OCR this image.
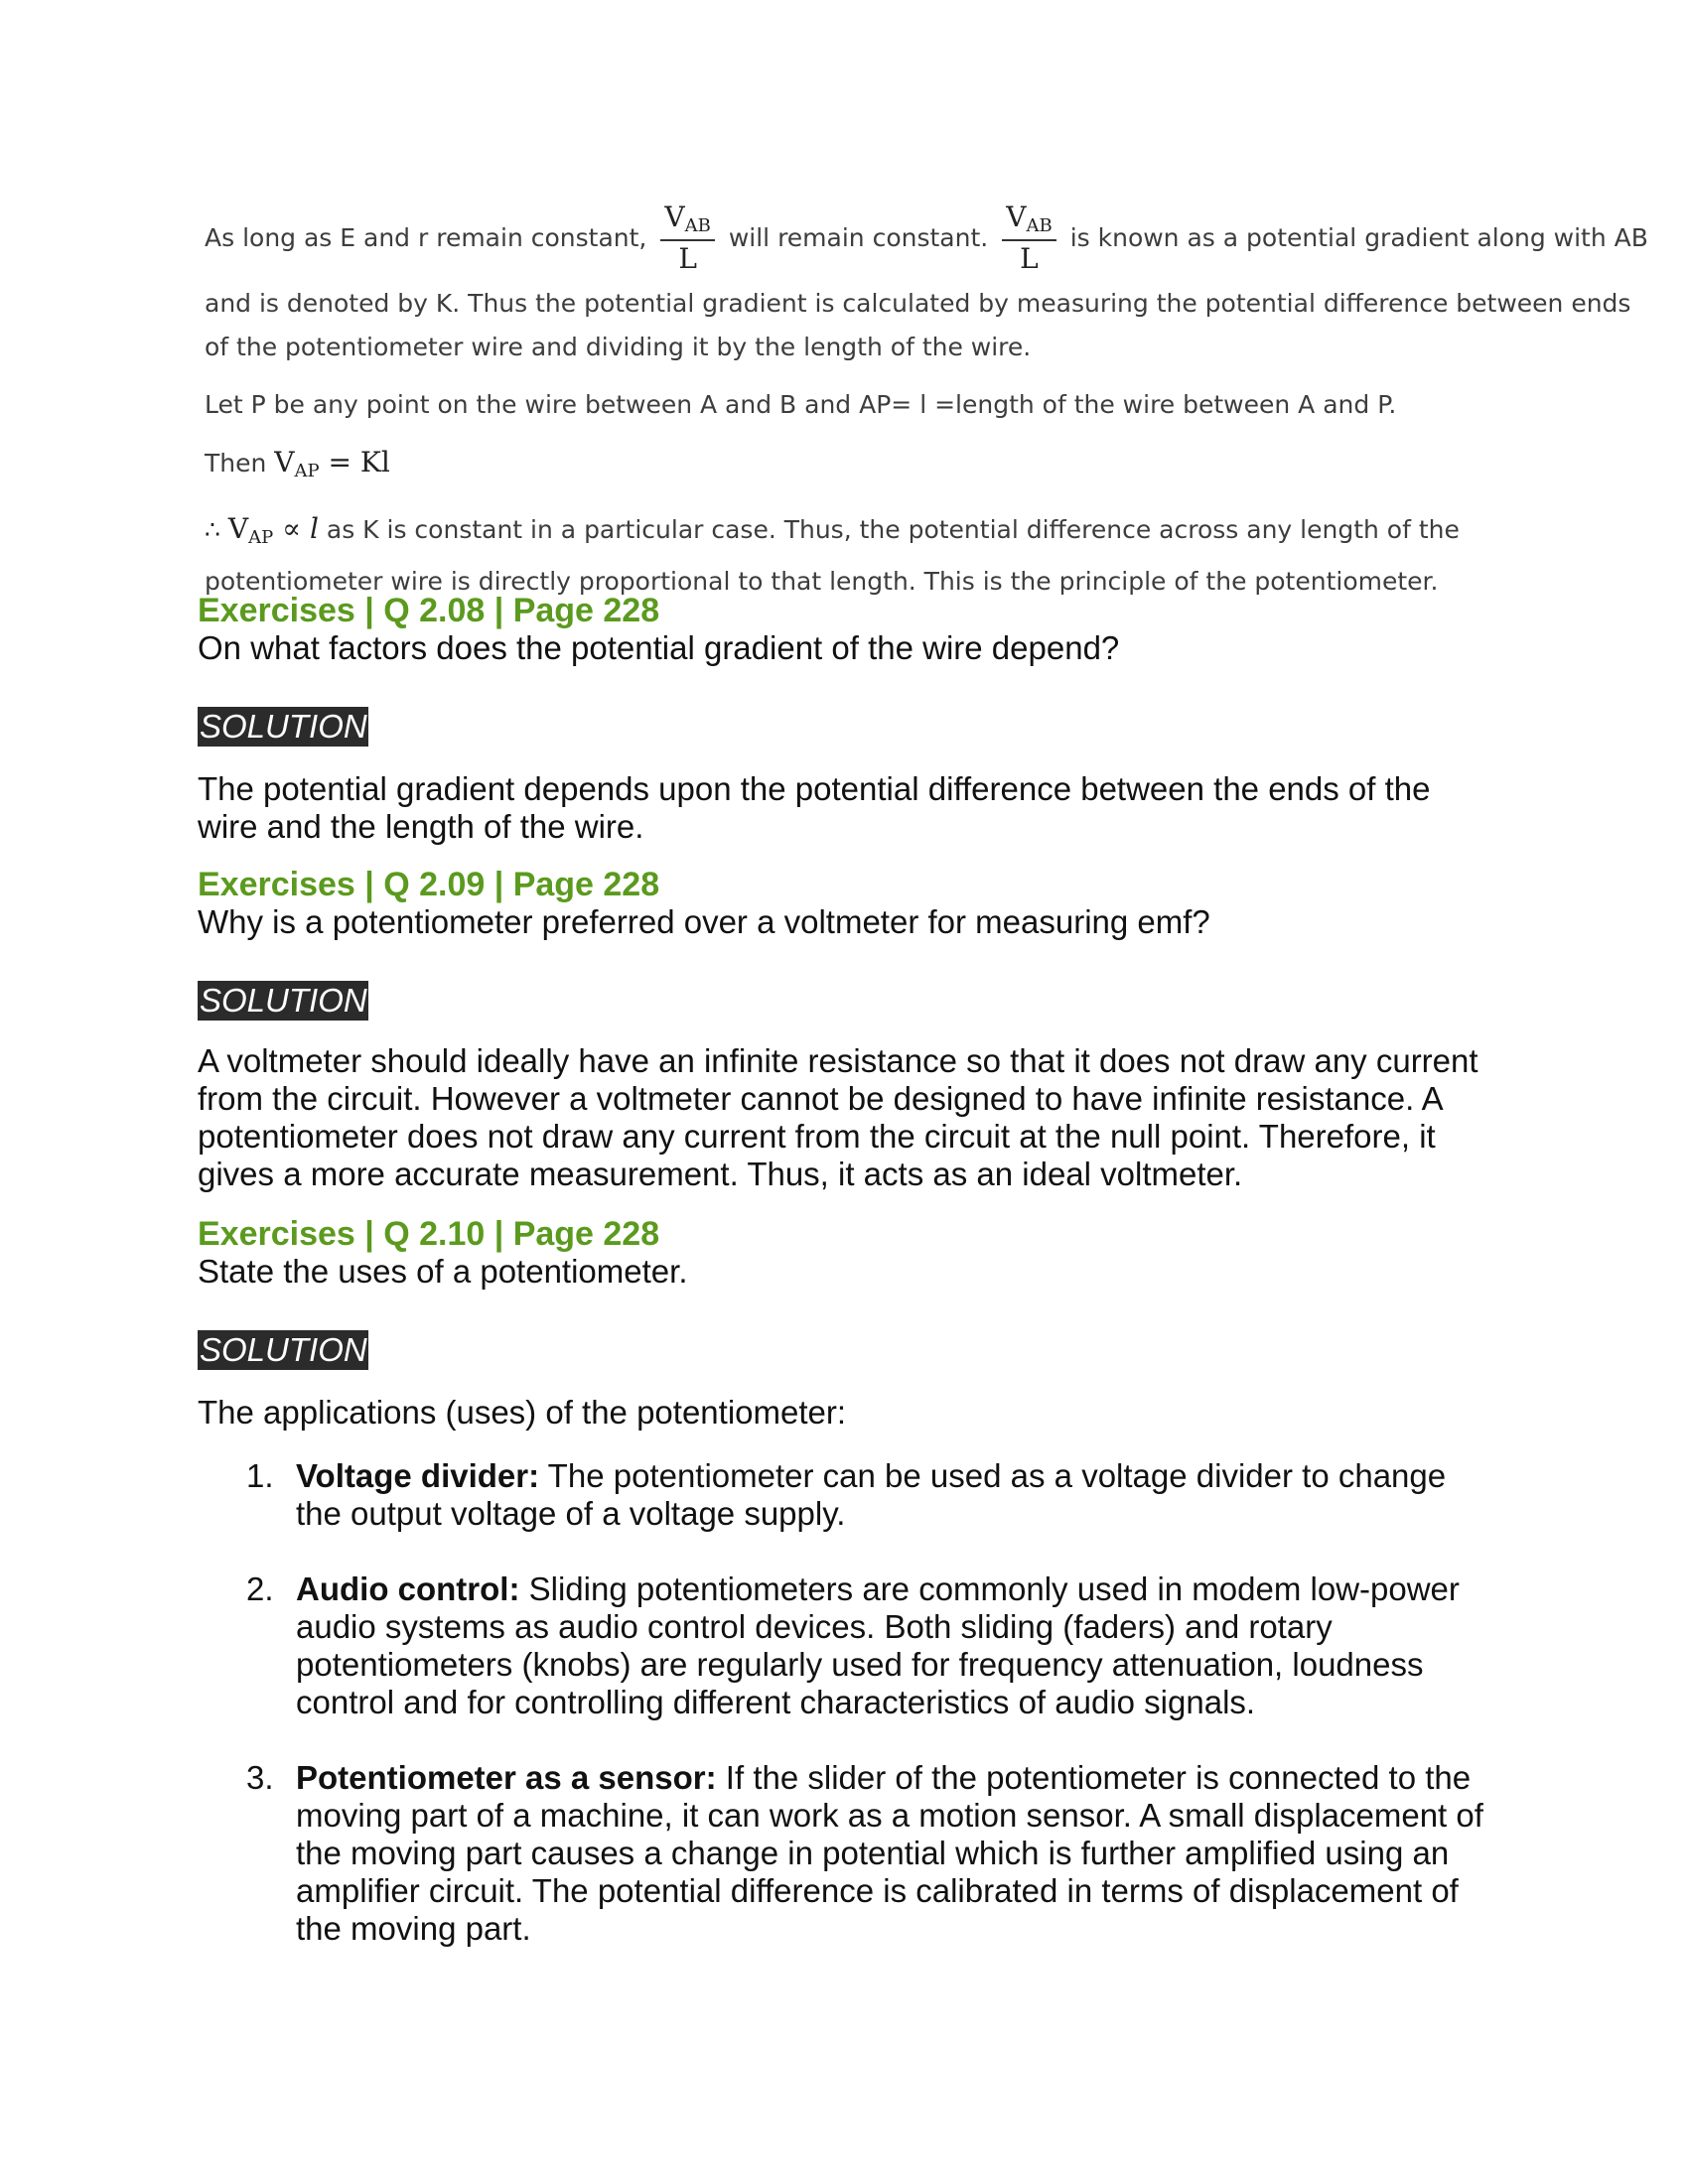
As long as E and r remain constant, $\frac{V_{AB}}{L}$ will remain constant. $\frac{V_{AB}}{L}$ is known as a potential gradient along with AB

and is denoted by K. Thus the potential gradient is calculated by measuring the potential difference between ends of the potentiometer wire and dividing it by the length of the wire.

Let P be any point on the wire between A and B and AP= l =length of the wire between A and P.

Then $V_{AP} = Kl$

∴ $V_{AP} \propto l$ as K is constant in a particular case. Thus, the potential difference across any length of the potentiometer wire is directly proportional to that length. This is the principle of the potentiometer.

Exercises | Q 2.08 | Page 228

On what factors does the potential gradient of the wire depend?

SOLUTION

The potential gradient depends upon the potential difference between the ends of the wire and the length of the wire.

Exercises | Q 2.09 | Page 228

Why is a potentiometer preferred over a voltmeter for measuring emf?

SOLUTION

A voltmeter should ideally have an infinite resistance so that it does not draw any current from the circuit. However a voltmeter cannot be designed to have infinite resistance. A potentiometer does not draw any current from the circuit at the null point. Therefore, it gives a more accurate measurement. Thus, it acts as an ideal voltmeter.

Exercises | Q 2.10 | Page 228

State the uses of a potentiometer.

SOLUTION

The applications (uses) of the potentiometer:

1. Voltage divider: The potentiometer can be used as a voltage divider to change the output voltage of a voltage supply.
2. Audio control: Sliding potentiometers are commonly used in modem low-power audio systems as audio control devices. Both sliding (faders) and rotary potentiometers (knobs) are regularly used for frequency attenuation, loudness control and for controlling different characteristics of audio signals.
3. Potentiometer as a sensor: If the slider of the potentiometer is connected to the moving part of a machine, it can work as a motion sensor. A small displacement of the moving part causes a change in potential which is further amplified using an amplifier circuit. The potential difference is calibrated in terms of displacement of the moving part.
